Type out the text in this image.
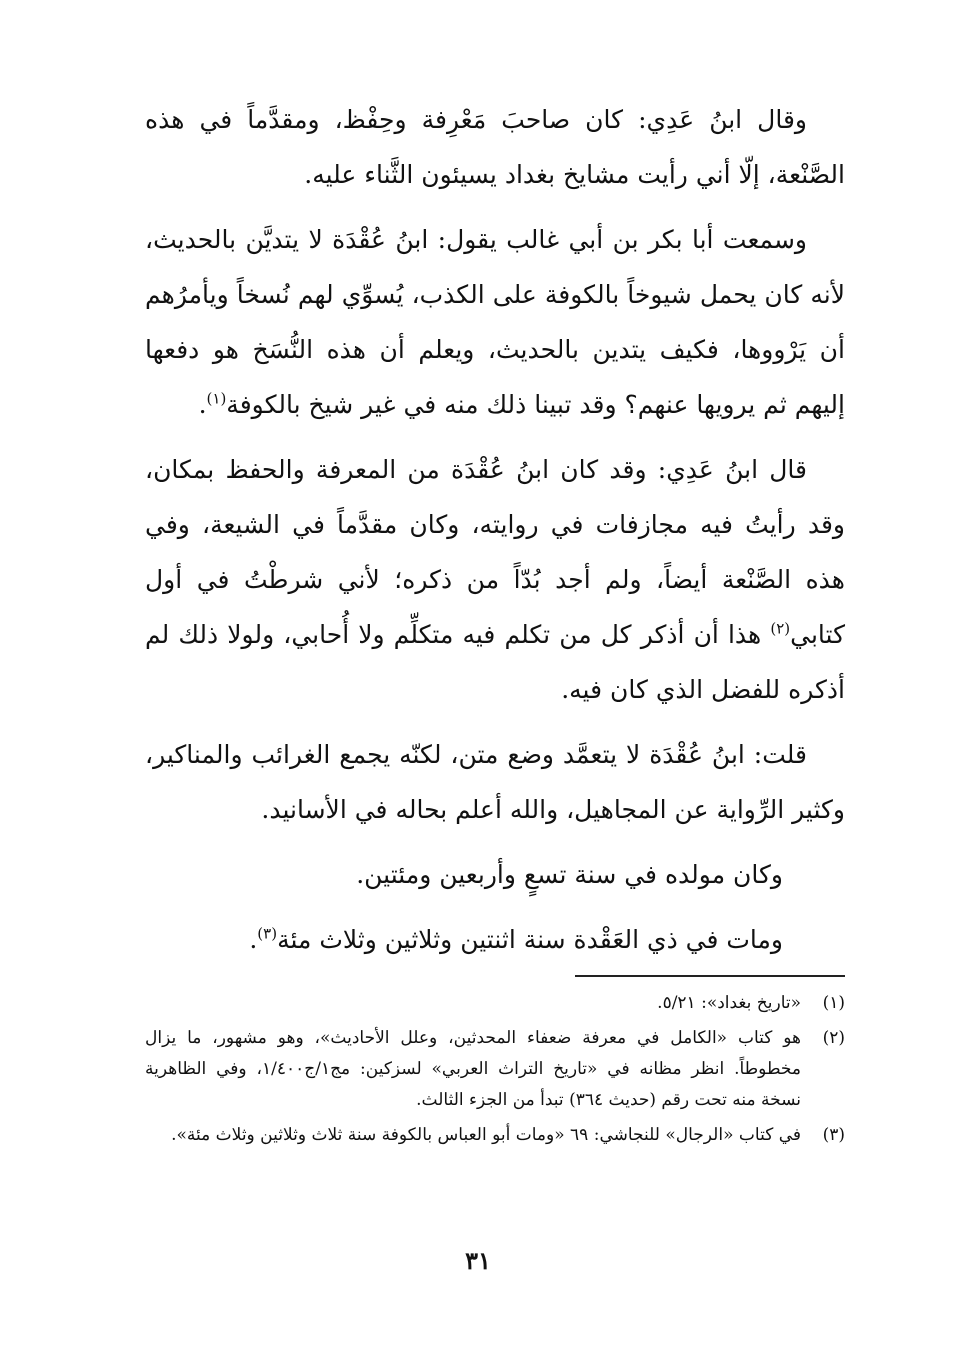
وقال ابنُ عَدِي: كان صاحبَ مَعْرِفة وحِفْظ، ومقدَّماً في هذه الصَّنْعة، إلّا أني رأيت مشايخ بغداد يسيئون الثَّناء عليه.

وسمعت أبا بكر بن أبي غالب يقول: ابنُ عُقْدَة لا يتديَّن بالحديث، لأنه كان يحمل شيوخاً بالكوفة على الكذب، يُسوِّي لهم نُسخاً ويأمرُهم أن يَرْووها، فكيف يتدين بالحديث، ويعلم أن هذه النُّسَخ هو دفعها إليهم ثم يرويها عنهم؟ وقد تبينا ذلك منه في غير شيخ بالكوفة$^{(١)}$.

قال ابنُ عَدِي: وقد كان ابنُ عُقْدَة من المعرفة والحفظ بمكان، وقد رأيتُ فيه مجازفات في روايته، وكان مقدَّماً في الشيعة، وفي هذه الصَّنْعة أيضاً، ولم أجد بُدّاً من ذكره؛ لأني شرطْتُ في أول كتابي$^{(٢)}$ هذا أن أذكر كل من تكلم فيه متكلِّم ولا أُحابي، ولولا ذلك لم أذكره للفضل الذي كان فيه.

قلت: ابنُ عُقْدَة لا يتعمَّد وضع متن، لكنّه يجمع الغرائب والمناكير، وكثير الرِّواية عن المجاهيل، والله أعلم بحاله في الأسانيد.

وكان مولده في سنة تسعٍ وأربعين ومئتين.

ومات في ذي العَقْدة سنة اثنتين وثلاثين وثلاث مئة$^{(٣)}$.

(١)
«تاريخ بغداد»: ٥/٢١.
(٢)
هو كتاب «الكامل في معرفة ضعفاء المحدثين، وعلل الأحاديث»، وهو مشهور، ما يزال مخطوطاً. انظر مظانه في «تاريخ التراث العربي» لسزكين: مج١/ج١/٤٠٠، وفي الظاهرية نسخة منه تحت رقم (حديث ٣٦٤) تبدأ من الجزء الثالث.
(٣)
في كتاب «الرجال» للنجاشي: ٦٩ «ومات أبو العباس بالكوفة سنة ثلاث وثلاثين وثلاث مئة».
٣١
